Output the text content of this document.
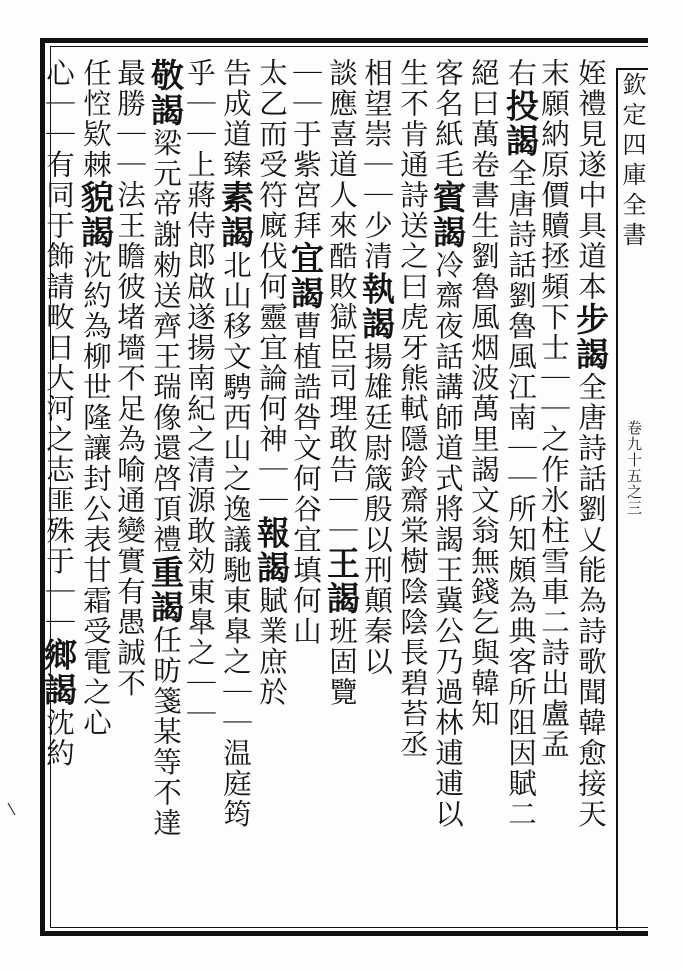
欽定四庫全書
卷九十五之三
姪禮見遂中具道本步謁全唐詩話劉乂能為詩歌聞韓愈接天
末願納原價贖拯頻下士｜｜之作氷柱雪車二詩出盧孟
右投謁全唐詩話劉魯風江南｜｜所知頗為典客所阻因賦二
絕曰萬卷書生劉魯風烟波萬里謁文翁無錢乞與韓知
客名紙毛賓謁冷齋夜話講師道式將謁王冀公乃過林逋逋以
生不肯通詩送之曰虎牙熊軾隱鈴齋棠樹陰陰長碧苔丞
相望崇｜｜少清執謁揚雄廷尉箴殷以刑顛秦以
談應喜道人來酷敗獄臣司理敢告｜｜王謁班固覽
｜｜于紫宮拜宜謁曹植誥咎文何谷宜填何山
太乙而受符廐伐何靈宜論何神｜｜報謁賦業庶於
告成道臻素謁北山移文騁西山之逸議馳東臯之｜｜温庭筠
乎｜｜上蔣侍郎啟遂揚南紀之清源敢効東臯之｜｜
敬謁梁元帝謝勑送齊王瑞像還啓頂禮重謁任昉箋某等不達
最勝｜｜法王瞻彼堵墻不足為喻通變實有愚誠不
任悾欵棘貌謁沈約為柳世隆讓封公表甘霜受電之心
心｜｜有同于飾請畋日大河之志匪殊于｜｜鄉謁沈約
